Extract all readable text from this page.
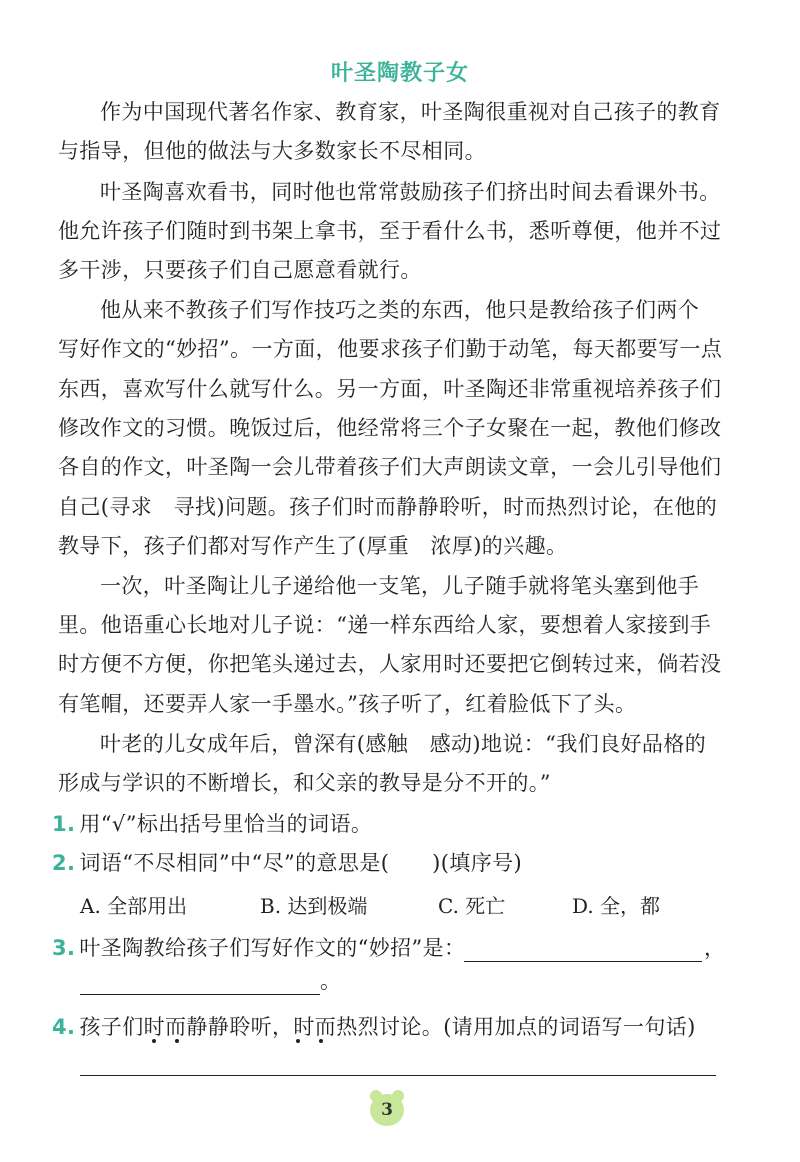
叶圣陶教子女
作为中国现代著名作家、教育家，叶圣陶很重视对自己孩子的教育
与指导，但他的做法与大多数家长不尽相同。
叶圣陶喜欢看书，同时他也常常鼓励孩子们挤出时间去看课外书。
他允许孩子们随时到书架上拿书，至于看什么书，悉听尊便，他并不过
多干涉，只要孩子们自己愿意看就行。
他从来不教孩子们写作技巧之类的东西，他只是教给孩子们两个
写好作文的“妙招”。一方面，他要求孩子们勤于动笔，每天都要写一点
东西，喜欢写什么就写什么。另一方面，叶圣陶还非常重视培养孩子们
修改作文的习惯。晚饭过后，他经常将三个子女聚在一起，教他们修改
各自的作文，叶圣陶一会儿带着孩子们大声朗读文章，一会儿引导他们
自己(寻求　寻找)问题。孩子们时而静静聆听，时而热烈讨论，在他的
教导下，孩子们都对写作产生了(厚重　浓厚)的兴趣。
一次，叶圣陶让儿子递给他一支笔，儿子随手就将笔头塞到他手
里。他语重心长地对儿子说：“递一样东西给人家，要想着人家接到手
时方便不方便，你把笔头递过去，人家用时还要把它倒转过来，倘若没
有笔帽，还要弄人家一手墨水。”孩子听了，红着脸低下了头。
叶老的儿女成年后，曾深有(感触　感动)地说：“我们良好品格的
形成与学识的不断增长，和父亲的教导是分不开的。”
1. 用“√”标出括号里恰当的词语。
2. 词语“不尽相同”中“尽”的意思是(　　)(填序号)
A. 全部用出	B. 达到极端	C. 死亡	D. 全，都
3. 叶圣陶教给孩子们写好作文的“妙招”是：	，
。
4. 孩子们时而静静聆听，时而热烈讨论。(请用加点的词语写一句话)
3
